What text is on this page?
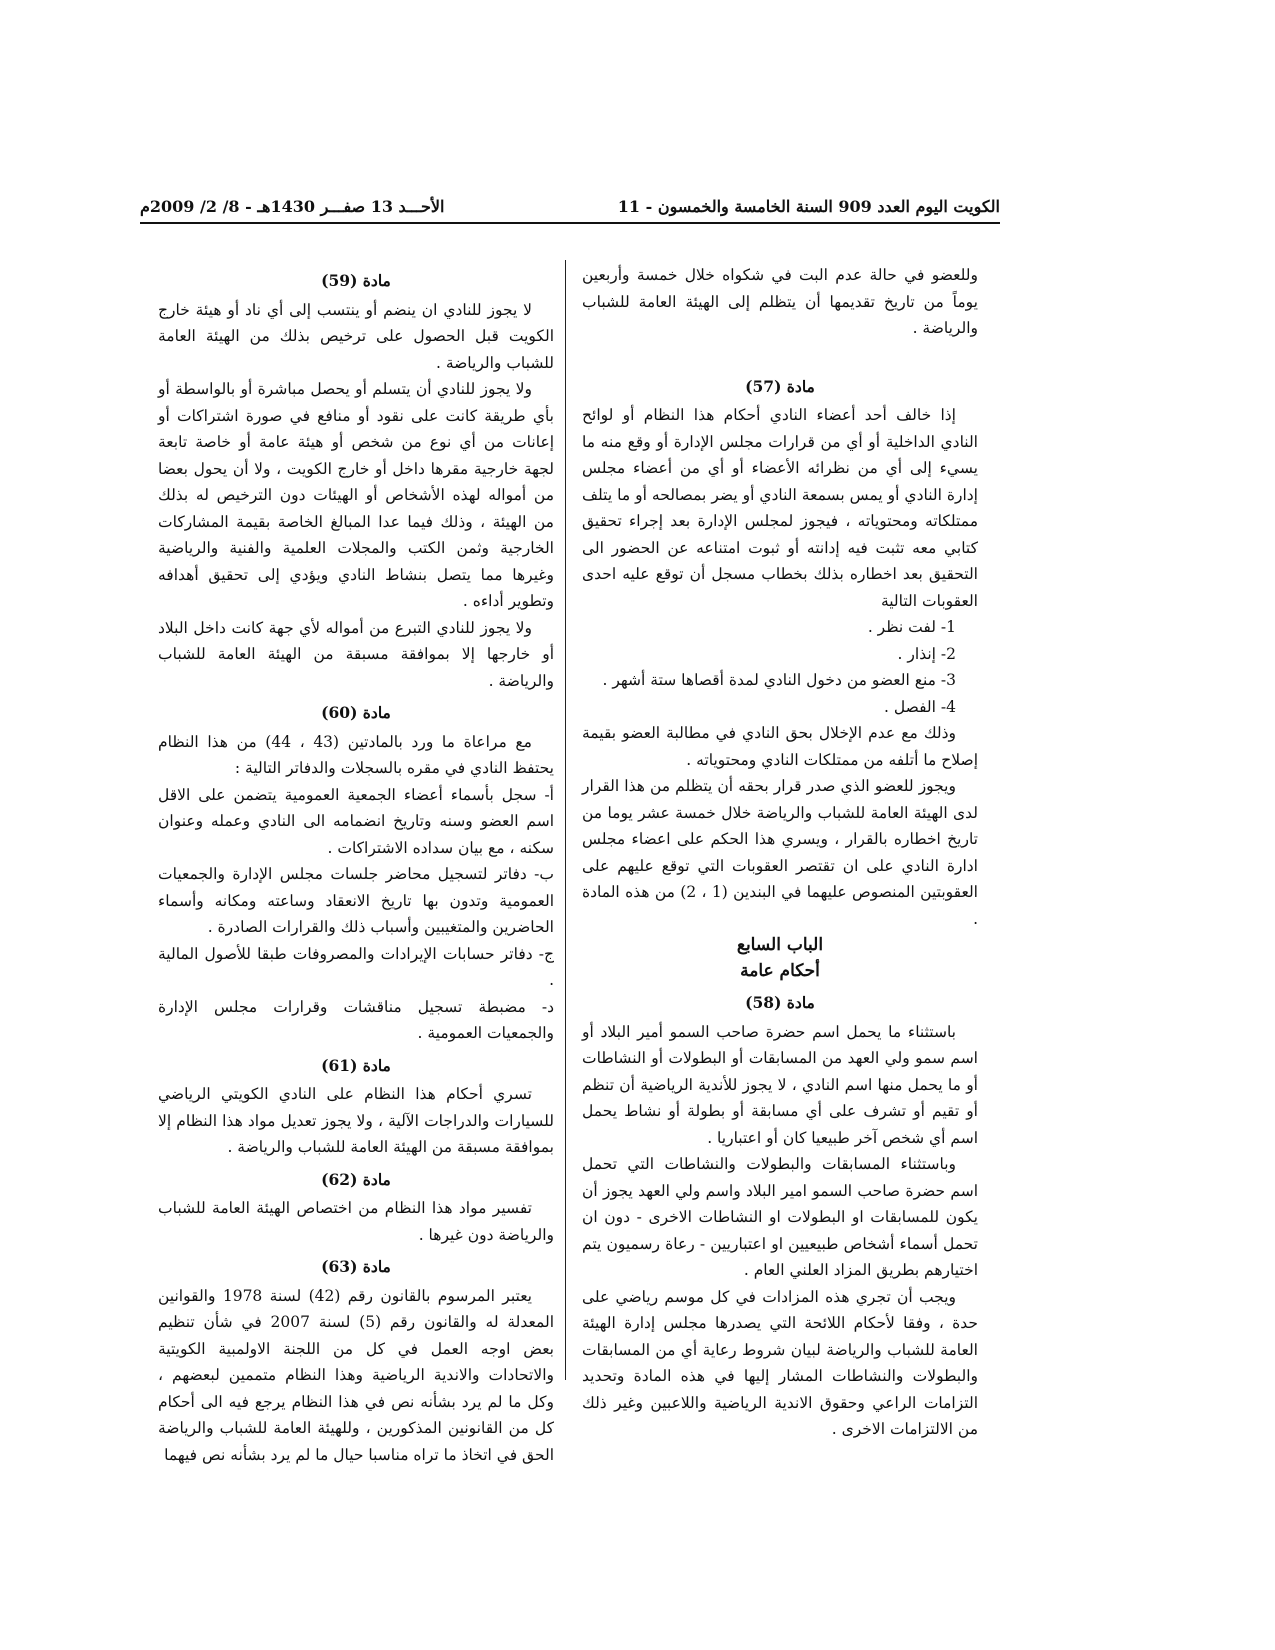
الكويت اليوم العدد 909 السنة الخامسة والخمسون - 11
الأحـــد 13 صفـــر 1430هـ - 8/ 2/ 2009م

وللعضو في حالة عدم البت في شكواه خلال خمسة وأربعين يوماً من تاريخ تقديمها أن يتظلم إلى الهيئة العامة للشباب والرياضة .

مادة (57)

إذا خالف أحد أعضاء النادي أحكام هذا النظام أو لوائح النادي الداخلية أو أي من قرارات مجلس الإدارة أو وقع منه ما يسيء إلى أي من نظرائه الأعضاء أو أي من أعضاء مجلس إدارة النادي أو يمس بسمعة النادي أو يضر بمصالحه أو ما يتلف ممتلكاته ومحتوياته ، فيجوز لمجلس الإدارة بعد إجراء تحقيق كتابي معه تثبت فيه إدانته أو ثبوت امتناعه عن الحضور الى التحقيق بعد اخطاره بذلك بخطاب مسجل أن توقع عليه احدى العقوبات التالية

1- لفت نظر .
2- إنذار .
3- منع العضو من دخول النادي لمدة أقصاها ستة أشهر .
4- الفصل .

وذلك مع عدم الإخلال بحق النادي في مطالبة العضو بقيمة إصلاح ما أتلفه من ممتلكات النادي ومحتوياته .

ويجوز للعضو الذي صدر قرار بحقه أن يتظلم من هذا القرار لدى الهيئة العامة للشباب والرياضة خلال خمسة عشر يوما من تاريخ اخطاره بالقرار ، ويسري هذا الحكم على اعضاء مجلس ادارة النادي على ان تقتصر العقوبات التي توقع عليهم على العقوبتين المنصوص عليهما في البندين (1 ، 2) من هذه المادة .

الباب السابع
أحكام عامة
مادة (58)

باستثناء ما يحمل اسم حضرة صاحب السمو أمير البلاد أو اسم سمو ولي العهد من المسابقات أو البطولات أو النشاطات أو ما يحمل منها اسم النادي ، لا يجوز للأندية الرياضية أن تنظم أو تقيم أو تشرف على أي مسابقة أو بطولة أو نشاط يحمل اسم أي شخص آخر طبيعيا كان أو اعتباريا .

وباستثناء المسابقات والبطولات والنشاطات التي تحمل اسم حضرة صاحب السمو امير البلاد واسم ولي العهد يجوز أن يكون للمسابقات او البطولات او النشاطات الاخرى - دون ان تحمل أسماء أشخاص طبيعيين او اعتباريين - رعاة رسميون يتم اختيارهم بطريق المزاد العلني العام .

ويجب أن تجري هذه المزادات في كل موسم رياضي على حدة ، وفقا لأحكام اللائحة التي يصدرها مجلس إدارة الهيئة العامة للشباب والرياضة لبيان شروط رعاية أي من المسابقات والبطولات والنشاطات المشار إليها في هذه المادة وتحديد التزامات الراعي وحقوق الاندية الرياضية واللاعبين وغير ذلك من الالتزامات الاخرى .

مادة (59)

لا يجوز للنادي ان ينضم أو ينتسب إلى أي ناد أو هيئة خارج الكويت قبل الحصول على ترخيص بذلك من الهيئة العامة للشباب والرياضة .

ولا يجوز للنادي أن يتسلم أو يحصل مباشرة أو بالواسطة أو بأي طريقة كانت على نقود أو منافع في صورة اشتراكات أو إعانات من أي نوع من شخص أو هيئة عامة أو خاصة تابعة لجهة خارجية مقرها داخل أو خارج الكويت ، ولا أن يحول بعضا من أمواله لهذه الأشخاص أو الهيئات دون الترخيص له بذلك من الهيئة ، وذلك فيما عدا المبالغ الخاصة بقيمة المشاركات الخارجية وثمن الكتب والمجلات العلمية والفنية والرياضية وغيرها مما يتصل بنشاط النادي ويؤدي إلى تحقيق أهدافه وتطوير أداءه .

ولا يجوز للنادي التبرع من أمواله لأي جهة كانت داخل البلاد أو خارجها إلا بموافقة مسبقة من الهيئة العامة للشباب والرياضة .

مادة (60)

مع مراعاة ما ورد بالمادتين (43 ، 44) من هذا النظام يحتفظ النادي في مقره بالسجلات والدفاتر التالية :

أ- سجل بأسماء أعضاء الجمعية العمومية يتضمن على الاقل اسم العضو وسنه وتاريخ انضمامه الى النادي وعمله وعنوان سكنه ، مع بيان سداده الاشتراكات .

ب- دفاتر لتسجيل محاضر جلسات مجلس الإدارة والجمعيات العمومية وتدون بها تاريخ الانعقاد وساعته ومكانه وأسماء الحاضرين والمتغيبين وأسباب ذلك والقرارات الصادرة .

ج- دفاتر حسابات الإيرادات والمصروفات طبقا للأصول المالية .

د- مضبطة تسجيل مناقشات وقرارات مجلس الإدارة والجمعيات العمومية .

مادة (61)

تسري أحكام هذا النظام على النادي الكويتي الرياضي للسيارات والدراجات الآلية ، ولا يجوز تعديل مواد هذا النظام إلا بموافقة مسبقة من الهيئة العامة للشباب والرياضة .

مادة (62)

تفسير مواد هذا النظام من اختصاص الهيئة العامة للشباب والرياضة دون غيرها .

مادة (63)

يعتبر المرسوم بالقانون رقم (42) لسنة 1978 والقوانين المعدلة له والقانون رقم (5) لسنة 2007 في شأن تنظيم بعض اوجه العمل في كل من اللجنة الاولمبية الكويتية والاتحادات والاندية الرياضية وهذا النظام متممين لبعضهم ، وكل ما لم يرد بشأنه نص في هذا النظام يرجع فيه الى أحكام كل من القانونين المذكورين ، وللهيئة العامة للشباب والرياضة الحق في اتخاذ ما تراه مناسبا حيال ما لم يرد بشأنه نص فيهما
